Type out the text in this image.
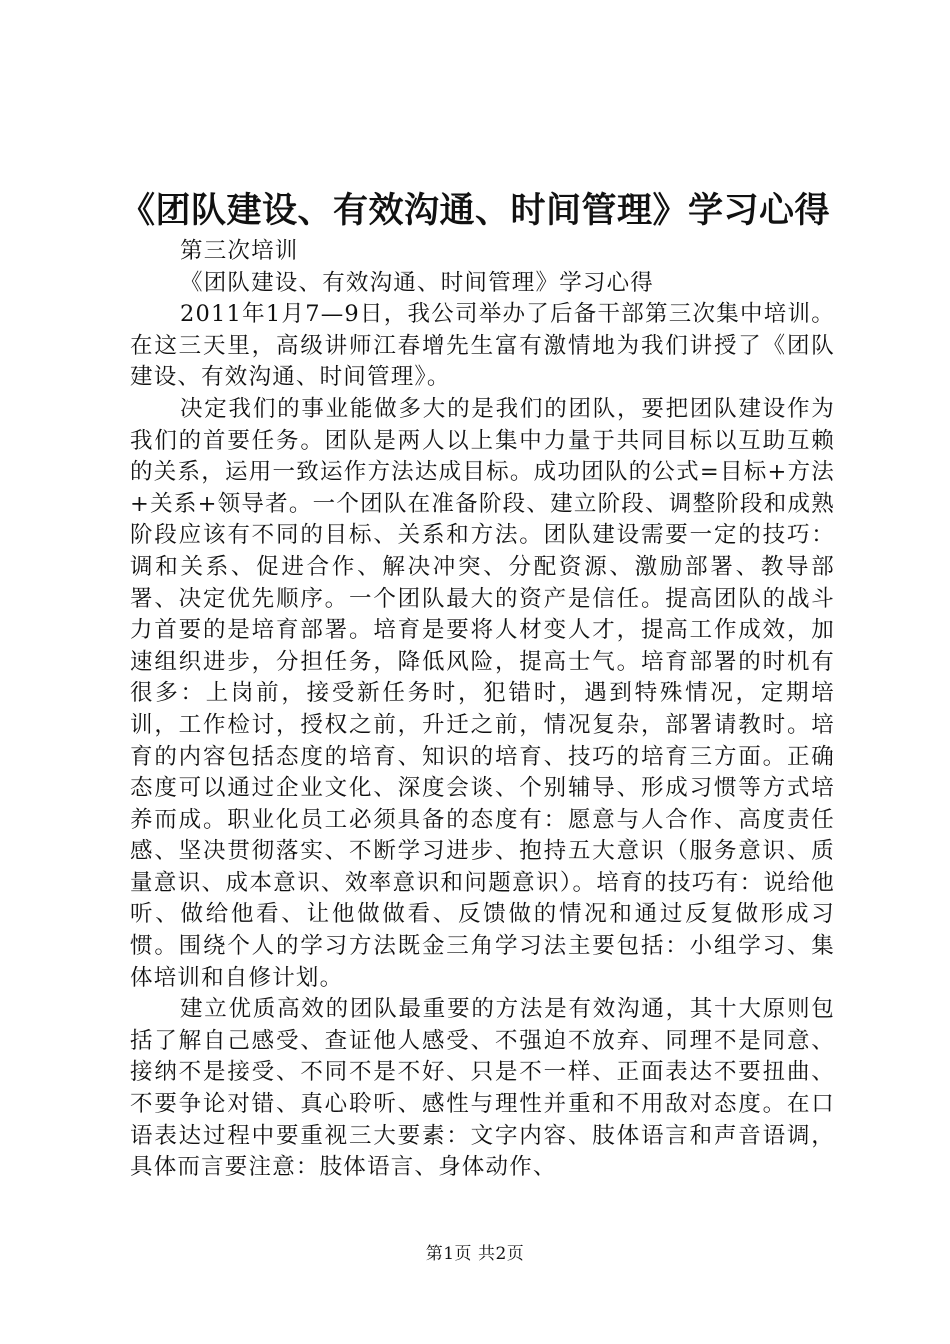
《团队建设、有效沟通、时间管理》学习心得

第三次培训

《团队建设、有效沟通、时间管理》学习心得

2011年1月7—9日，我公司举办了后备干部第三次集中培训。在这三天里，高级讲师江春增先生富有激情地为我们讲授了《团队建设、有效沟通、时间管理》。

决定我们的事业能做多大的是我们的团队，要把团队建设作为我们的首要任务。团队是两人以上集中力量于共同目标以互助互赖的关系，运用一致运作方法达成目标。成功团队的公式=目标+方法+关系+领导者。一个团队在准备阶段、建立阶段、调整阶段和成熟阶段应该有不同的目标、关系和方法。团队建设需要一定的技巧：调和关系、促进合作、解决冲突、分配资源、激励部署、教导部署、决定优先顺序。一个团队最大的资产是信任。提高团队的战斗力首要的是培育部署。培育是要将人材变人才，提高工作成效，加速组织进步，分担任务，降低风险，提高士气。培育部署的时机有很多：上岗前，接受新任务时，犯错时，遇到特殊情况，定期培训，工作检讨，授权之前，升迁之前，情况复杂，部署请教时。培育的内容包括态度的培育、知识的培育、技巧的培育三方面。正确态度可以通过企业文化、深度会谈、个别辅导、形成习惯等方式培养而成。职业化员工必须具备的态度有：愿意与人合作、高度责任感、坚决贯彻落实、不断学习进步、抱持五大意识（服务意识、质量意识、成本意识、效率意识和问题意识）。培育的技巧有：说给他听、做给他看、让他做做看、反馈做的情况和通过反复做形成习惯。围绕个人的学习方法既金三角学习法主要包括：小组学习、集体培训和自修计划。

建立优质高效的团队最重要的方法是有效沟通，其十大原则包括了解自己感受、查证他人感受、不强迫不放弃、同理不是同意、接纳不是接受、不同不是不好、只是不一样、正面表达不要扭曲、不要争论对错、真心聆听、感性与理性并重和不用敌对态度。在口语表达过程中要重视三大要素：文字内容、肢体语言和声音语调，具体而言要注意：肢体语言、身体动作、

第1页 共2页
